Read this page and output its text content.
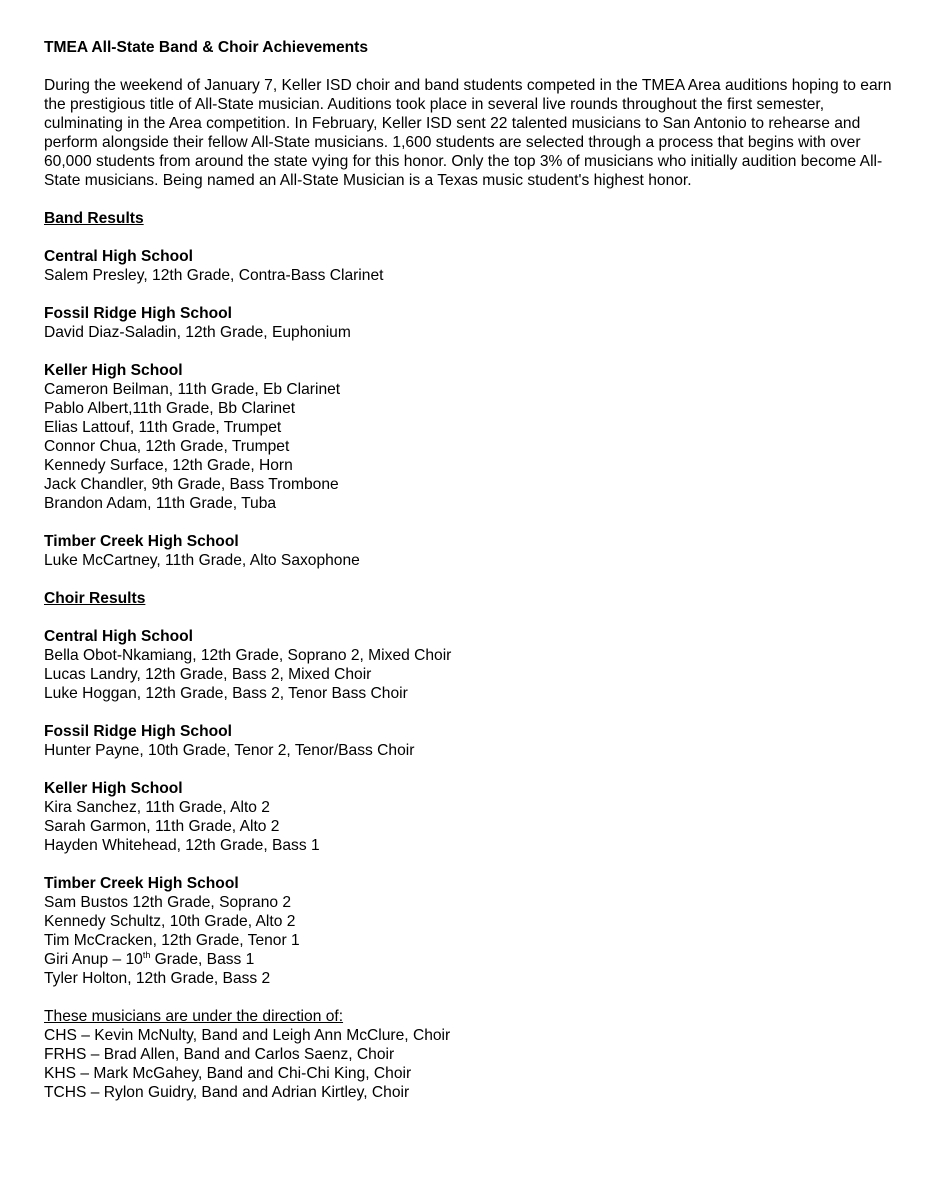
TMEA All-State Band & Choir Achievements
During the weekend of January 7, Keller ISD choir and band students competed in the TMEA Area auditions hoping to earn the prestigious title of All-State musician. Auditions took place in several live rounds throughout the first semester, culminating in the Area competition. In February, Keller ISD sent 22 talented musicians to San Antonio to rehearse and perform alongside their fellow All-State musicians. 1,600 students are selected through a process that begins with over 60,000 students from around the state vying for this honor. Only the top 3% of musicians who initially audition become All-State musicians. Being named an All-State Musician is a Texas music student's highest honor.
Band Results
Central High School
Salem Presley, 12th Grade, Contra-Bass Clarinet
Fossil Ridge High School
David Diaz-Saladin, 12th Grade, Euphonium
Keller High School
Cameron Beilman, 11th Grade, Eb Clarinet
Pablo Albert,11th Grade, Bb Clarinet
Elias Lattouf, 11th Grade, Trumpet
Connor Chua, 12th Grade, Trumpet
Kennedy Surface, 12th Grade, Horn
Jack Chandler, 9th Grade, Bass Trombone
Brandon Adam, 11th Grade, Tuba
Timber Creek High School
Luke McCartney, 11th Grade, Alto Saxophone
Choir Results
Central High School
Bella Obot-Nkamiang, 12th Grade, Soprano 2, Mixed Choir
Lucas Landry, 12th Grade, Bass 2, Mixed Choir
Luke Hoggan, 12th Grade, Bass 2, Tenor Bass Choir
Fossil Ridge High School
Hunter Payne, 10th Grade, Tenor 2, Tenor/Bass Choir
Keller High School
Kira Sanchez, 11th Grade, Alto 2
Sarah Garmon, 11th Grade, Alto 2
Hayden Whitehead, 12th Grade, Bass 1
Timber Creek High School
Sam Bustos 12th Grade, Soprano 2
Kennedy Schultz, 10th Grade, Alto 2
Tim McCracken, 12th Grade, Tenor 1
Giri Anup – 10th Grade, Bass 1
Tyler Holton, 12th Grade, Bass 2
These musicians are under the direction of:
CHS – Kevin McNulty, Band and Leigh Ann McClure, Choir
FRHS – Brad Allen, Band and Carlos Saenz, Choir
KHS – Mark McGahey, Band and Chi-Chi King, Choir
TCHS – Rylon Guidry, Band and Adrian Kirtley, Choir
